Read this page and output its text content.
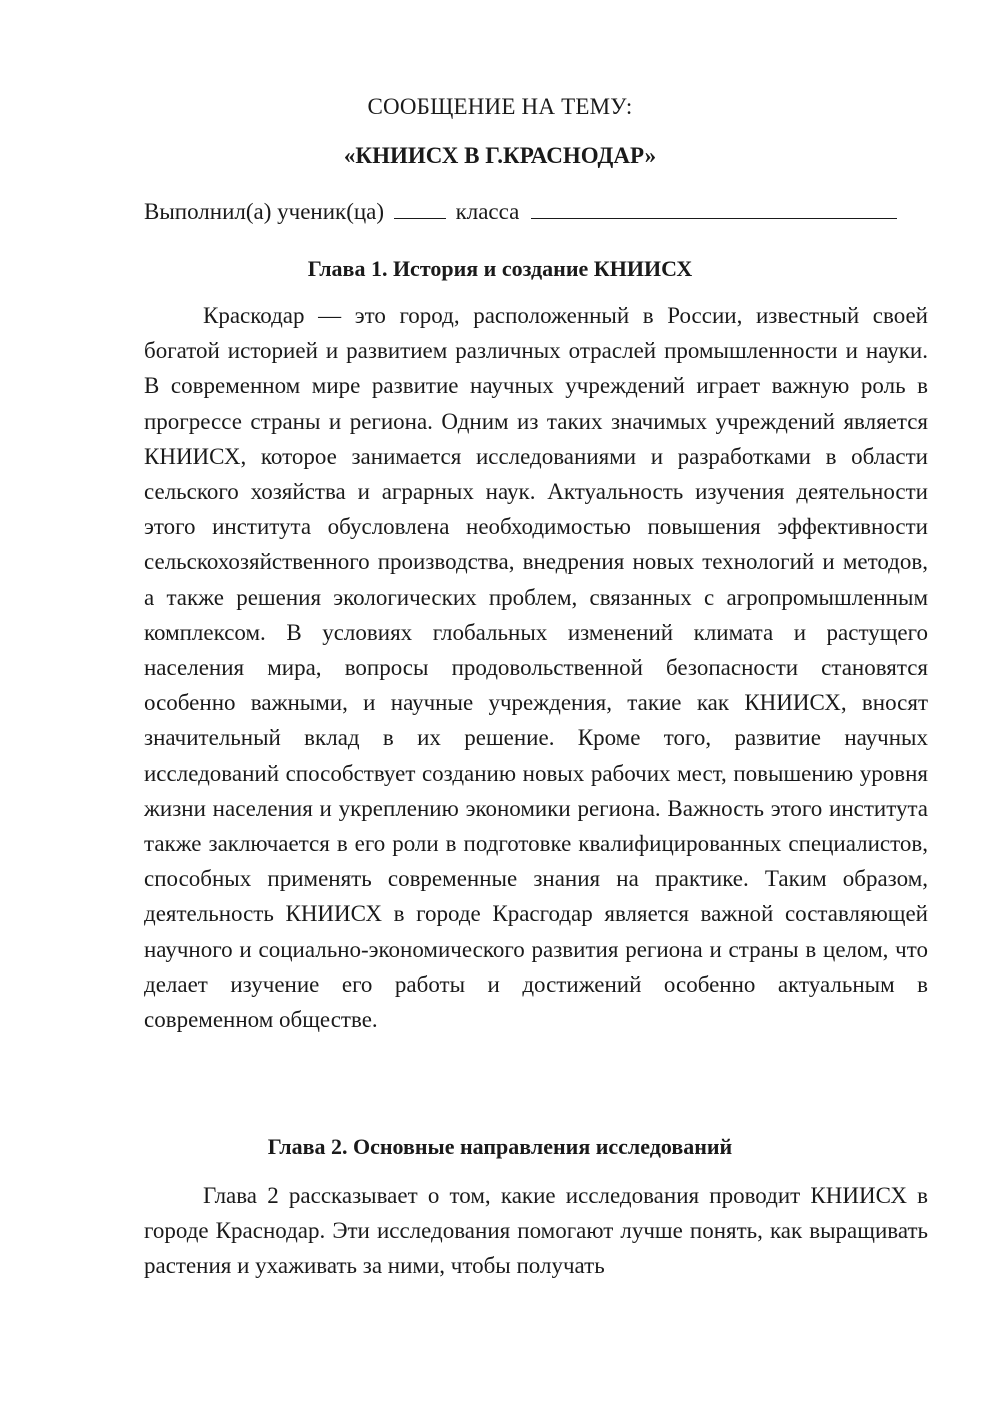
СООБЩЕНИЕ НА ТЕМУ:
«КНИИСХ В Г.КРАСНОДАР»
Выполнил(а) ученик(ца)	класса
Глава 1. История и создание КНИИСХ

Краскодар — это город, расположенный в России, известный своей богатой историей и развитием различных отраслей промышленности и науки. В современном мире развитие научных учреждений играет важную роль в прогрессе страны и региона. Одним из таких значимых учреждений является КНИИСХ, которое занимается исследованиями и разработками в области сельского хозяйства и аграрных наук. Актуальность изучения деятельности этого института обусловлена необходимостью повышения эффективности сельскохозяйственного производства, внедрения новых технологий и методов, а также решения экологических проблем, связанных с агропромышленным комплексом. В условиях глобальных изменений климата и растущего населения мира, вопросы продовольственной безопасности становятся особенно важными, и научные учреждения, такие как КНИИСХ, вносят значительный вклад в их решение. Кроме того, развитие научных исследований способствует созданию новых рабочих мест, повышению уровня жизни населения и укреплению экономики региона. Важность этого института также заключается в его роли в подготовке квалифицированных специалистов, способных применять современные знания на практике. Таким образом, деятельность КНИИСХ в городе Красгодар является важной составляющей научного и социально-экономического развития региона и страны в целом, что делает изучение его работы и достижений особенно актуальным в современном обществе.

Глава 2. Основные направления исследований

Глава 2 рассказывает о том, какие исследования проводит КНИИСХ в городе Краснодар. Эти исследования помогают лучше понять, как выращивать растения и ухаживать за ними, чтобы получать
